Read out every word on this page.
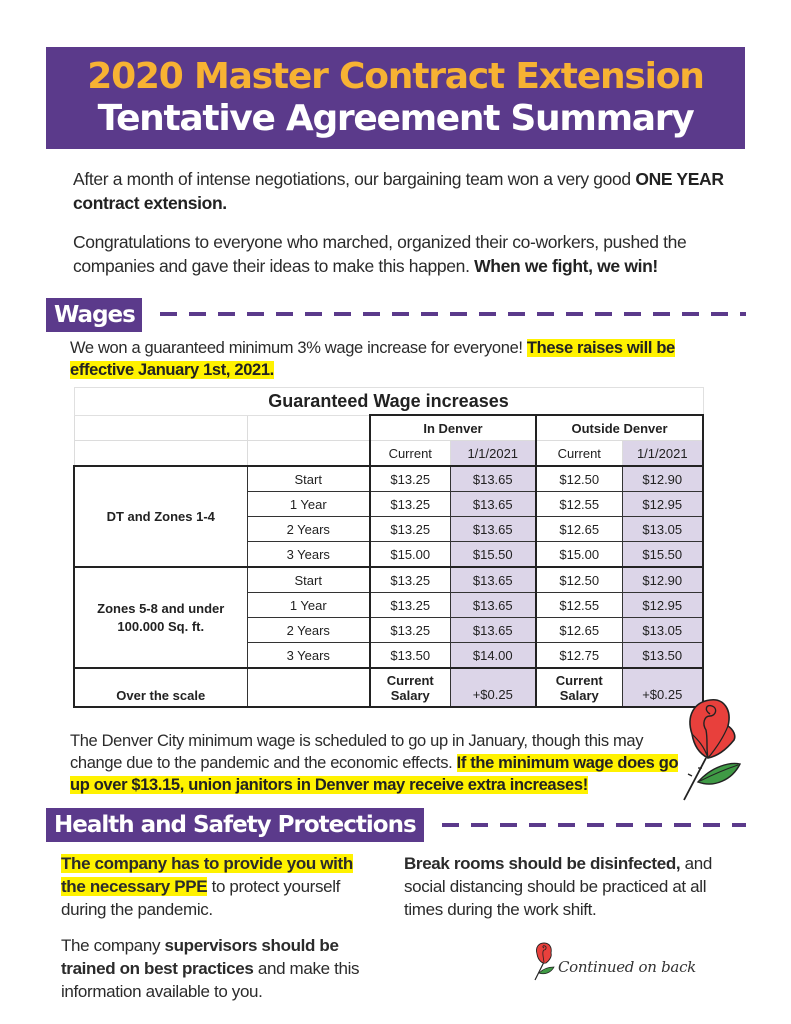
2020 Master Contract Extension
Tentative Agreement Summary
After a month of intense negotiations, our bargaining team won a very good ONE YEAR contract extension.
Congratulations to everyone who marched, organized their co-workers, pushed the companies and gave their ideas to make this happen. When we fight, we win!
Wages
We won a guaranteed minimum 3% wage increase for everyone! These raises will be effective January 1st, 2021.
Guaranteed Wage increases					
		In Denver		Outside Denver	
		Current	1/1/2021	Current	1/1/2021
DT and Zones 1-4	Start	$13.25	$13.65	$12.50	$12.90
	1 Year	$13.25	$13.65	$12.55	$12.95
	2 Years	$13.25	$13.65	$12.65	$13.05
	3 Years	$15.00	$15.50	$15.00	$15.50
Zones 5-8 and under 100.000 Sq. ft.	Start	$13.25	$13.65	$12.50	$12.90
	1 Year	$13.25	$13.65	$12.55	$12.95
	2 Years	$13.25	$13.65	$12.65	$13.05
	3 Years	$13.50	$14.00	$12.75	$13.50
Over the scale		Current Salary	+$0.25	Current Salary	+$0.25
The Denver City minimum wage is scheduled to go up in January, though this may change due to the pandemic and the economic effects. If the minimum wage does go up over $13.15, union janitors in Denver may receive extra increases!
Health and Safety Protections
The company has to provide you with the necessary PPE to protect yourself during the pandemic.
The company supervisors should be trained on best practices and make this information available to you.
Break rooms should be disinfected, and social distancing should be practiced at all times during the work shift.
Continued on back
